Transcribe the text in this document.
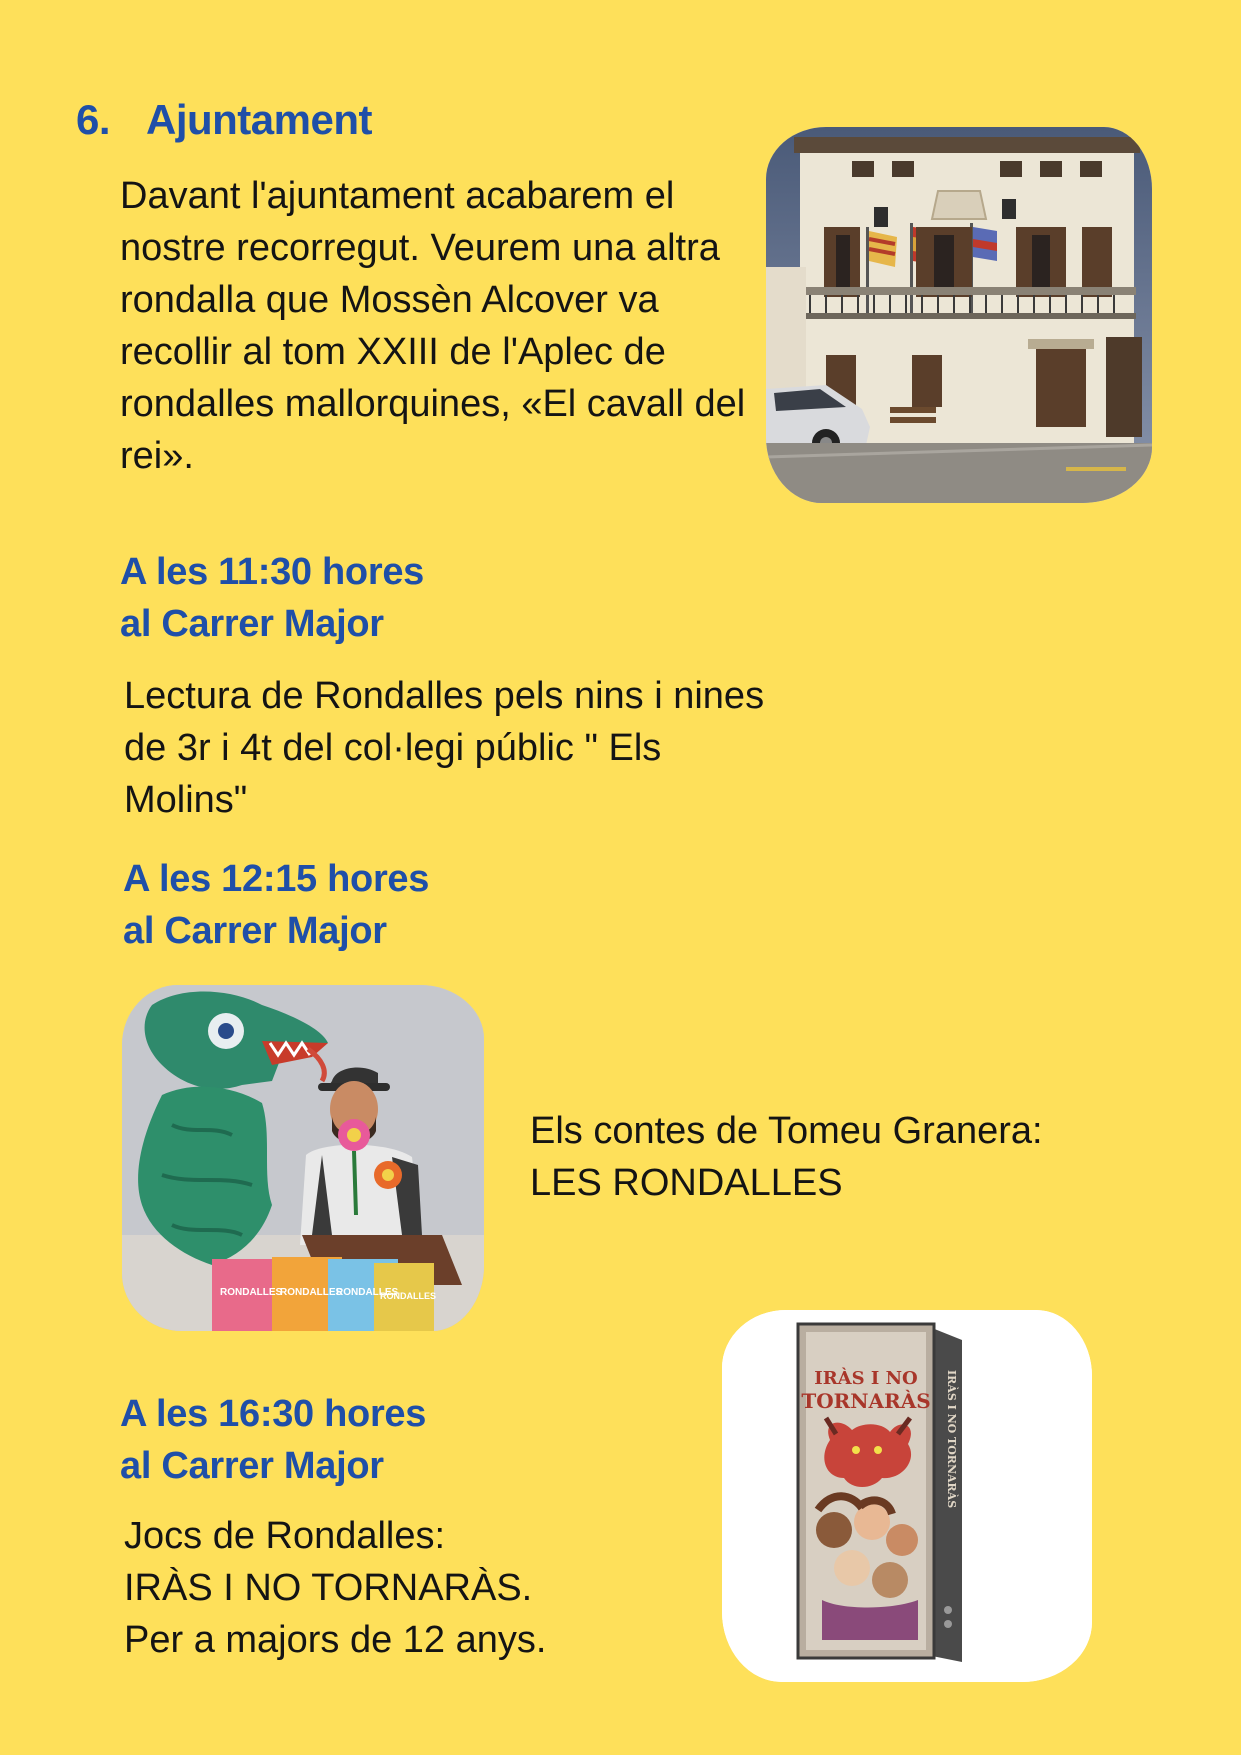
6. Ajuntament

Davant l'ajuntament acabarem el nostre recorregut. Veurem una altra rondalla que Mossèn Alcover va recollir al tom XXIII de l'Aplec de rondalles mallorquines, «El cavall del rei».

A les 11:30 hores
al Carrer Major

Lectura de Rondalles pels nins i nines de 3r i 4t del col·legi públic " Els Molins"

A les 12:15 hores
al Carrer Major
RONDALLES
RONDALLES
RONDALLES
RONDALLES

Els contes de Tomeu Granera:
LES RONDALLES

A les 16:30 hores
al Carrer Major

Jocs de Rondalles:
IRÀS I NO TORNARÀS.
Per a majors de 12 anys.

IRÀS I NO
TORNARÀS IRÀS I NO TORNARÀS
